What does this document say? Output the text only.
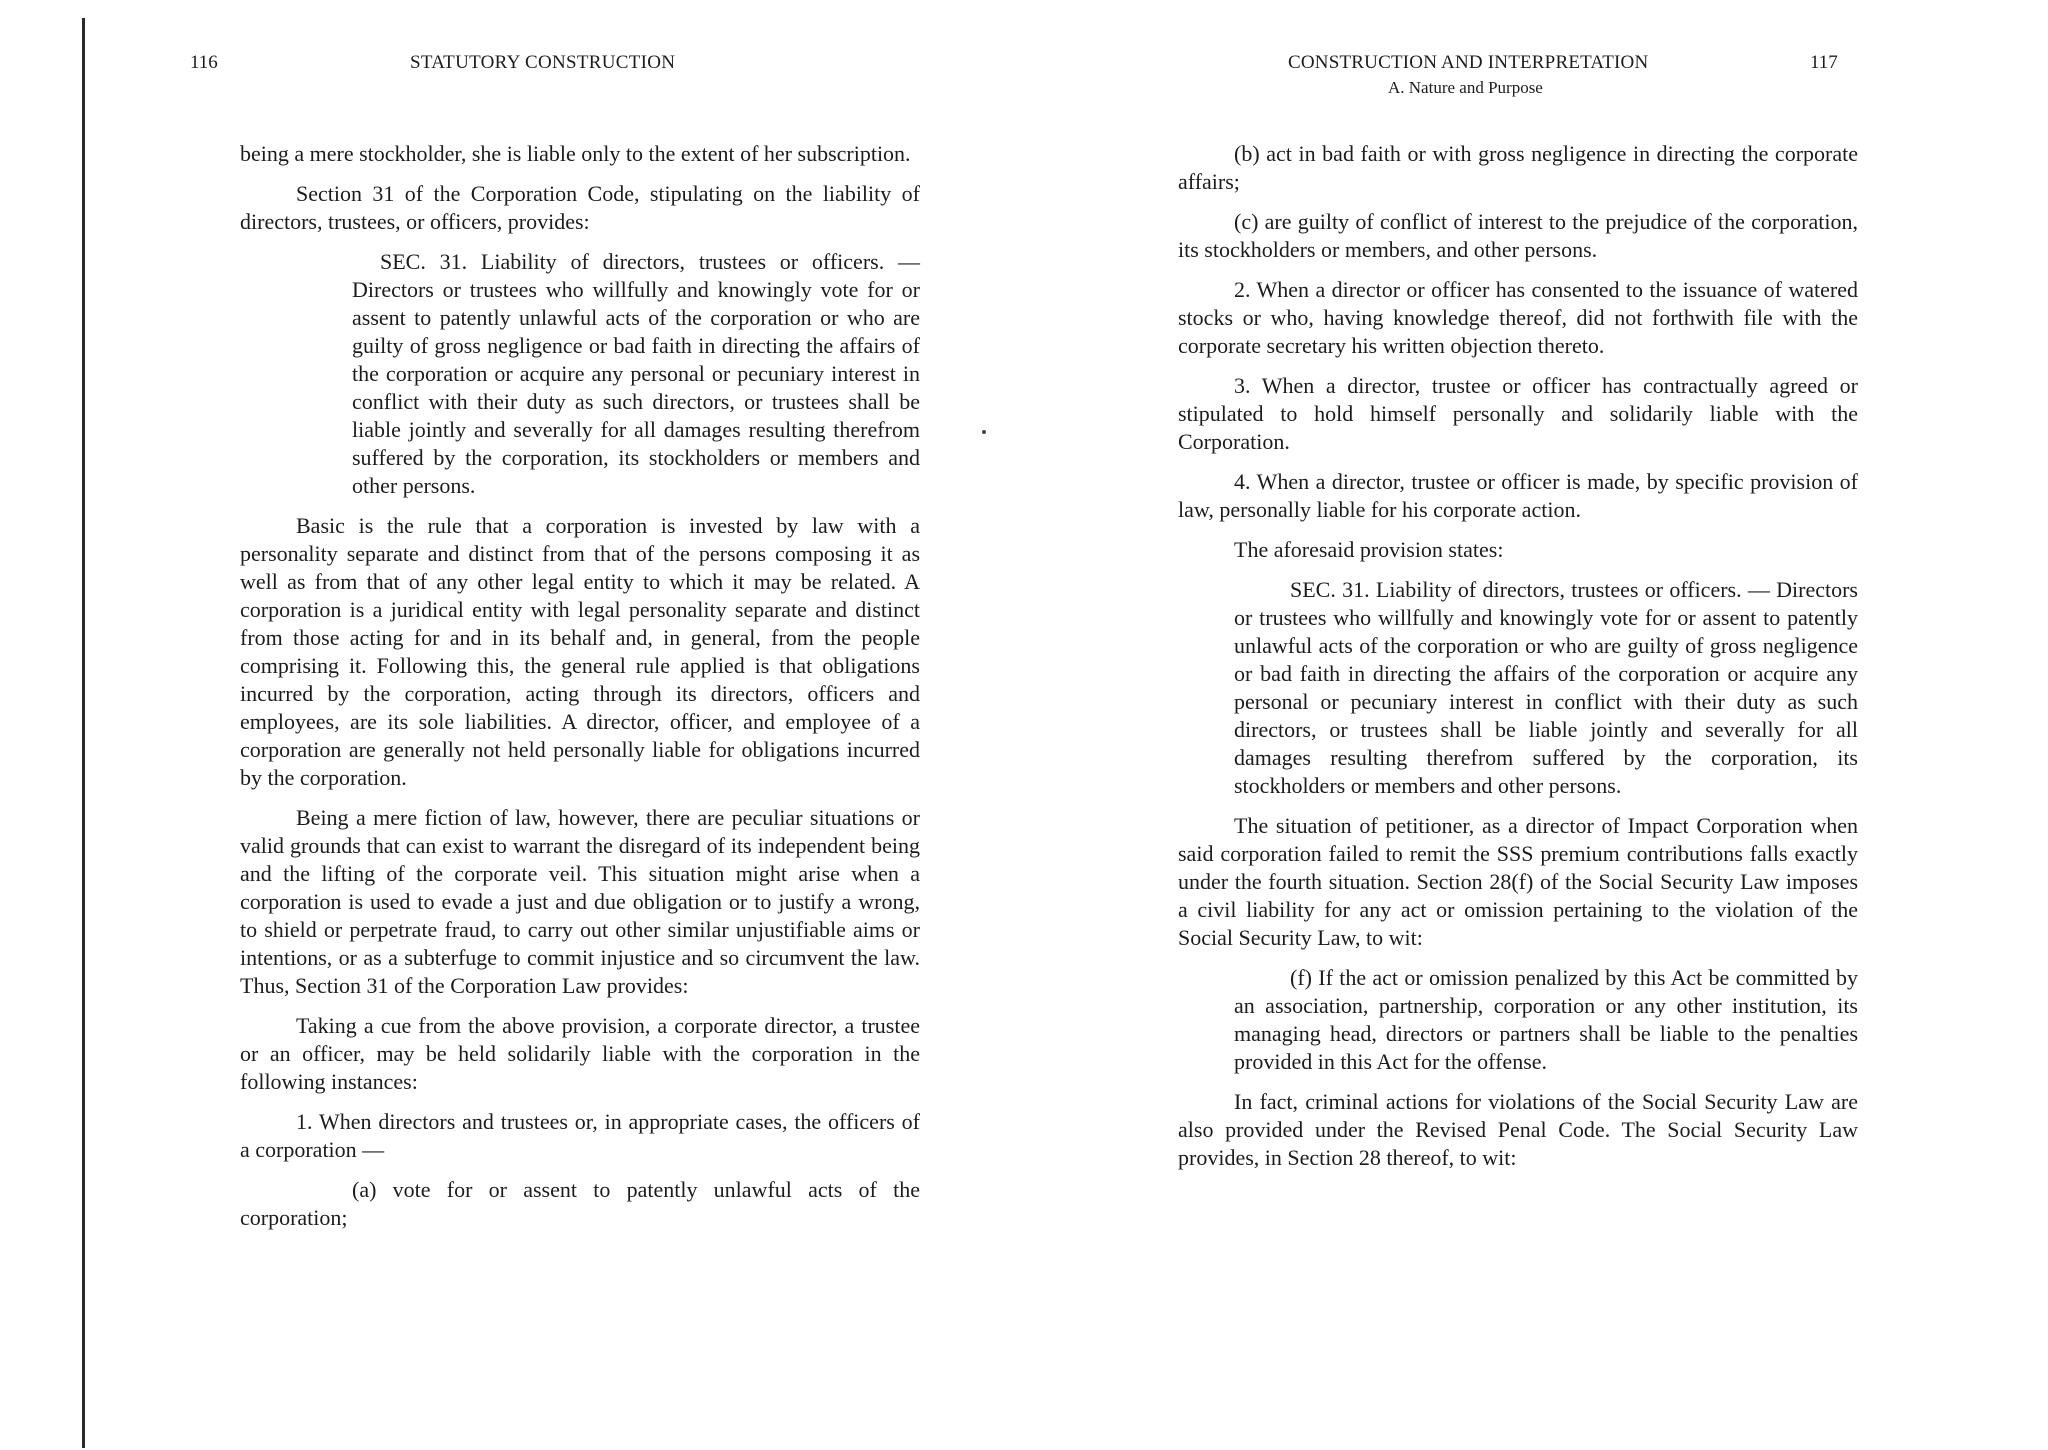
116	STATUTORY CONSTRUCTION	CONSTRUCTION AND INTERPRETATION	117
A. Nature and Purpose

being a mere stockholder, she is liable only to the extent of her subscription.

Section 31 of the Corporation Code, stipulating on the liability of directors, trustees, or officers, provides:

SEC. 31. Liability of directors, trustees or officers. — Directors or trustees who willfully and knowingly vote for or assent to patently unlawful acts of the corporation or who are guilty of gross negligence or bad faith in directing the affairs of the corporation or acquire any personal or pecuniary interest in conflict with their duty as such directors, or trustees shall be liable jointly and severally for all damages resulting therefrom suffered by the corporation, its stockholders or members and other persons.

Basic is the rule that a corporation is invested by law with a personality separate and distinct from that of the persons composing it as well as from that of any other legal entity to which it may be related. A corporation is a juridical entity with legal personality separate and distinct from those acting for and in its behalf and, in general, from the people comprising it. Following this, the general rule applied is that obligations incurred by the corporation, acting through its directors, officers and employees, are its sole liabilities. A director, officer, and employee of a corporation are generally not held personally liable for obligations incurred by the corporation.

Being a mere fiction of law, however, there are peculiar situations or valid grounds that can exist to warrant the disregard of its independent being and the lifting of the corporate veil. This situation might arise when a corporation is used to evade a just and due obligation or to justify a wrong, to shield or perpetrate fraud, to carry out other similar unjustifiable aims or intentions, or as a subterfuge to commit injustice and so circumvent the law. Thus, Section 31 of the Corporation Law provides:

Taking a cue from the above provision, a corporate director, a trustee or an officer, may be held solidarily liable with the corporation in the following instances:

1. When directors and trustees or, in appropriate cases, the officers of a corporation —

(a) vote for or assent to patently unlawful acts of the corporation;

(b) act in bad faith or with gross negligence in directing the corporate affairs;

(c) are guilty of conflict of interest to the prejudice of the corporation, its stockholders or members, and other persons.

2. When a director or officer has consented to the issuance of watered stocks or who, having knowledge thereof, did not forthwith file with the corporate secretary his written objection thereto.

3. When a director, trustee or officer has contractually agreed or stipulated to hold himself personally and solidarily liable with the Corporation.

4. When a director, trustee or officer is made, by specific provision of law, personally liable for his corporate action.

The aforesaid provision states:

SEC. 31. Liability of directors, trustees or officers. — Directors or trustees who willfully and knowingly vote for or assent to patently unlawful acts of the corporation or who are guilty of gross negligence or bad faith in directing the affairs of the corporation or acquire any personal or pecuniary interest in conflict with their duty as such directors, or trustees shall be liable jointly and severally for all damages resulting therefrom suffered by the corporation, its stockholders or members and other persons.

The situation of petitioner, as a director of Impact Corporation when said corporation failed to remit the SSS premium contributions falls exactly under the fourth situation. Section 28(f) of the Social Security Law imposes a civil liability for any act or omission pertaining to the violation of the Social Security Law, to wit:

(f) If the act or omission penalized by this Act be committed by an association, partnership, corporation or any other institution, its managing head, directors or partners shall be liable to the penalties provided in this Act for the offense.

In fact, criminal actions for violations of the Social Security Law are also provided under the Revised Penal Code. The Social Security Law provides, in Section 28 thereof, to wit:
